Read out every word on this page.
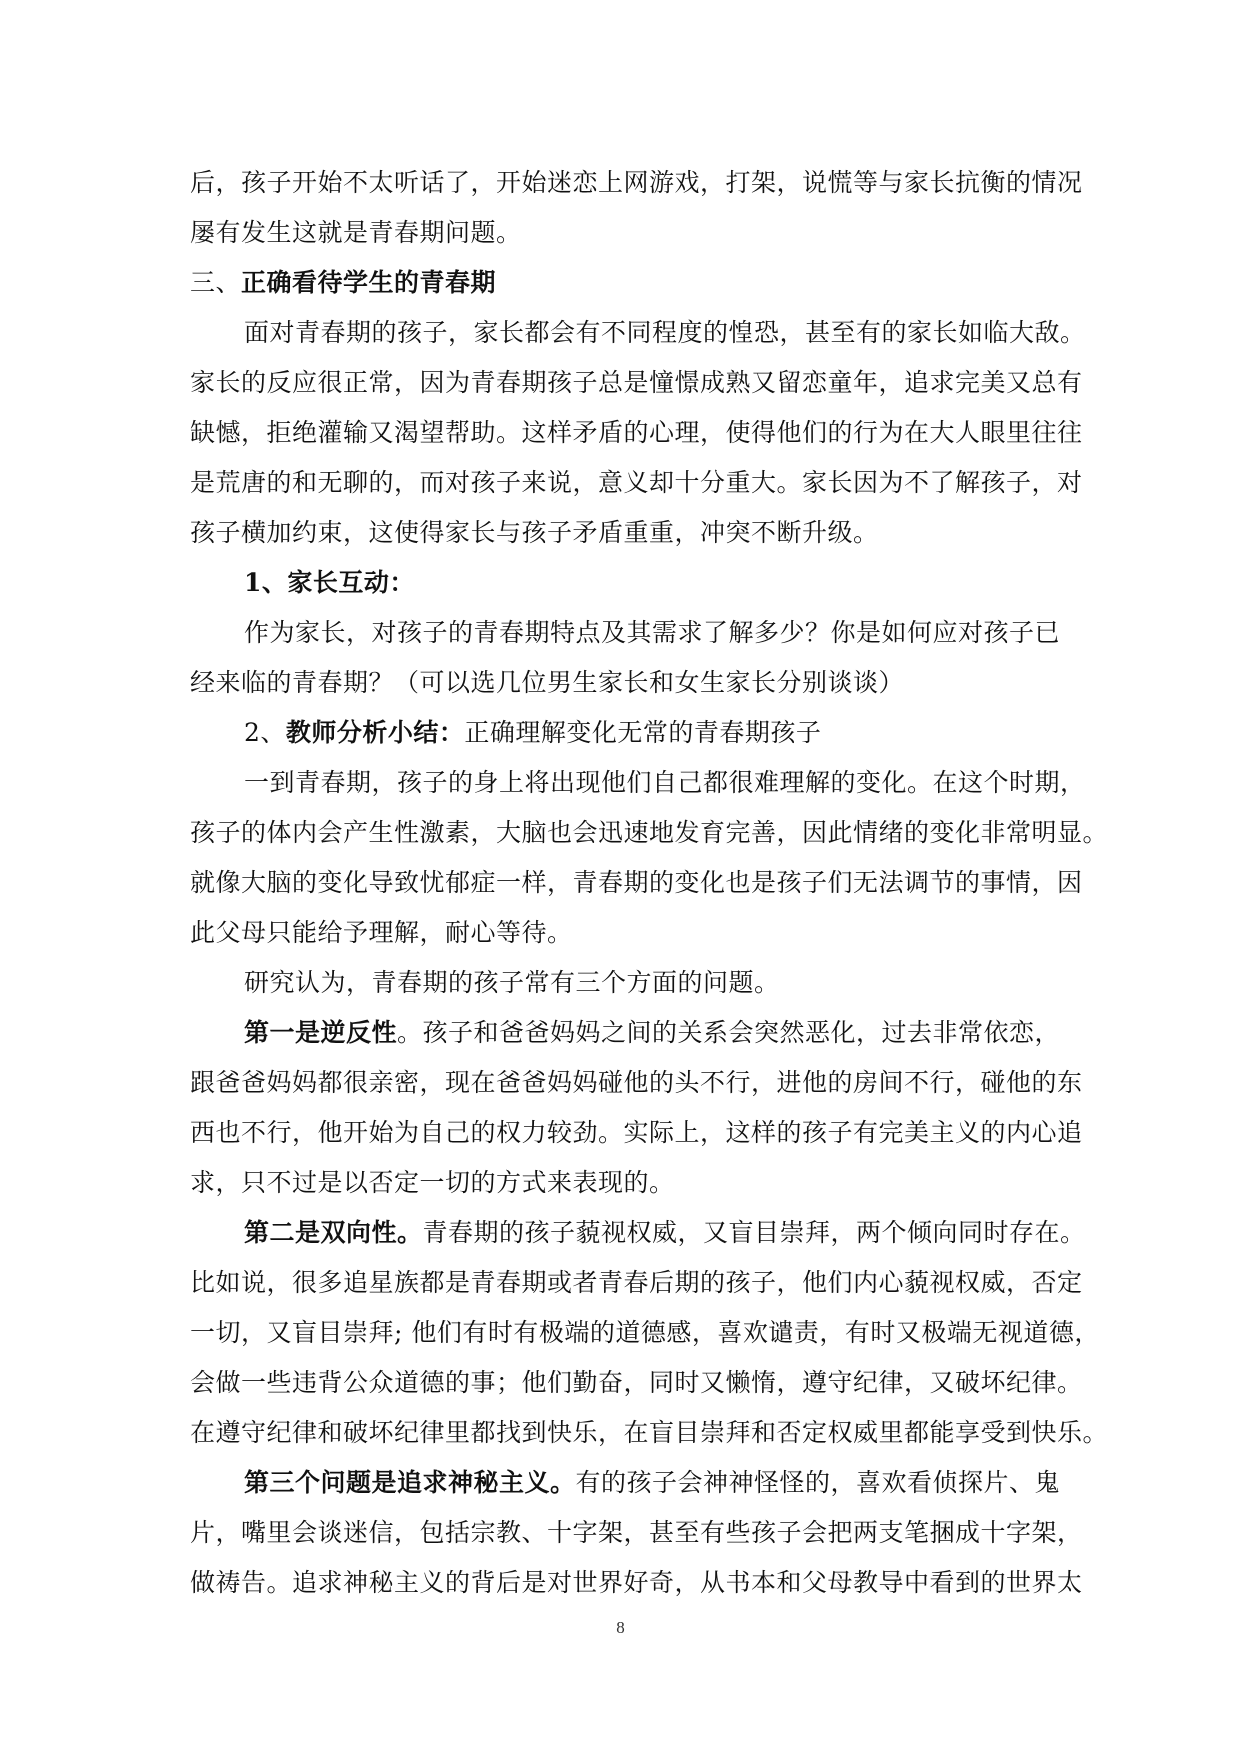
后，孩子开始不太听话了，开始迷恋上网游戏，打架，说慌等与家长抗衡的情况
屡有发生这就是青春期问题。
三、正确看待学生的青春期
面对青春期的孩子，家长都会有不同程度的惶恐，甚至有的家长如临大敌。
家长的反应很正常，因为青春期孩子总是憧憬成熟又留恋童年，追求完美又总有
缺憾，拒绝灌输又渴望帮助。这样矛盾的心理，使得他们的行为在大人眼里往往
是荒唐的和无聊的，而对孩子来说，意义却十分重大。家长因为不了解孩子，对
孩子横加约束，这使得家长与孩子矛盾重重，冲突不断升级。
1、家长互动：
作为家长，对孩子的青春期特点及其需求了解多少？你是如何应对孩子已
经来临的青春期？（可以选几位男生家长和女生家长分别谈谈）
2、教师分析小结：正确理解变化无常的青春期孩子
一到青春期，孩子的身上将出现他们自己都很难理解的变化。在这个时期，
孩子的体内会产生性激素，大脑也会迅速地发育完善，因此情绪的变化非常明显。
就像大脑的变化导致忧郁症一样，青春期的变化也是孩子们无法调节的事情，因
此父母只能给予理解，耐心等待。
研究认为，青春期的孩子常有三个方面的问题。
第一是逆反性。孩子和爸爸妈妈之间的关系会突然恶化，过去非常依恋，
跟爸爸妈妈都很亲密，现在爸爸妈妈碰他的头不行，进他的房间不行，碰他的东
西也不行，他开始为自己的权力较劲。实际上，这样的孩子有完美主义的内心追
求，只不过是以否定一切的方式来表现的。
第二是双向性。青春期的孩子藐视权威，又盲目崇拜，两个倾向同时存在。
比如说，很多追星族都是青春期或者青春后期的孩子，他们内心藐视权威，否定
一切，又盲目崇拜; 他们有时有极端的道德感，喜欢谴责，有时又极端无视道德，
会做一些违背公众道德的事；他们勤奋，同时又懒惰，遵守纪律，又破坏纪律。
在遵守纪律和破坏纪律里都找到快乐，在盲目崇拜和否定权威里都能享受到快乐。
第三个问题是追求神秘主义。有的孩子会神神怪怪的，喜欢看侦探片、鬼
片，嘴里会谈迷信，包括宗教、十字架，甚至有些孩子会把两支笔捆成十字架，
做祷告。追求神秘主义的背后是对世界好奇，从书本和父母教导中看到的世界太
8
